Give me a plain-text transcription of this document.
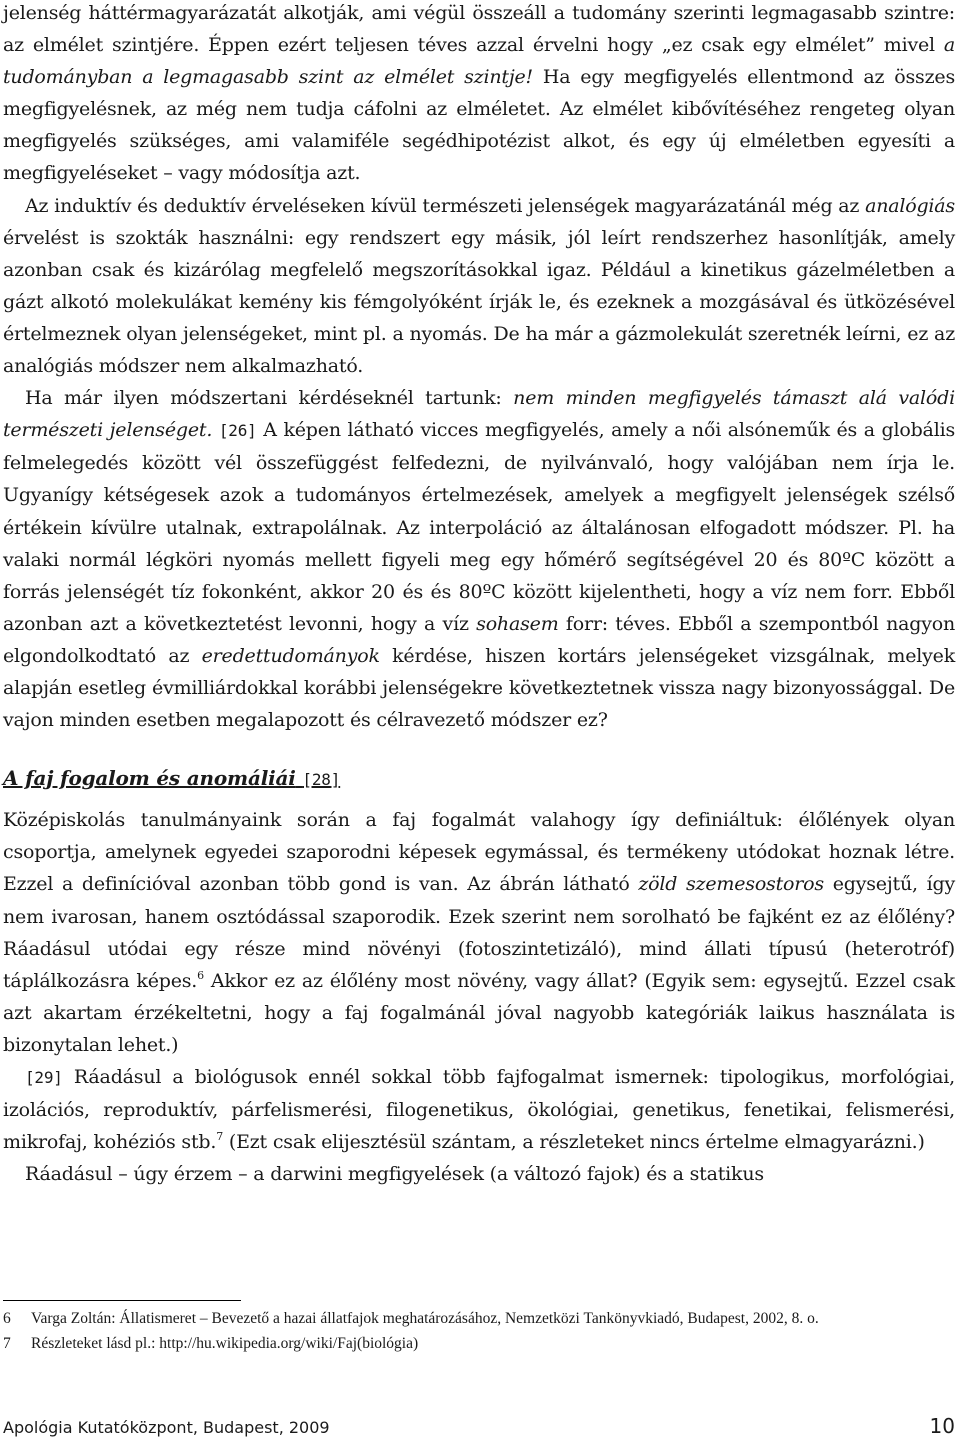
jelenség háttérmagyarázatát alkotják, ami végül összeáll a tudomány szerinti legmagasabb szintre: az elmélet szintjére. Éppen ezért teljesen téves azzal érvelni hogy „ez csak egy elmélet” mivel a tudományban a legmagasabb szint az elmélet szintje! Ha egy megfigyelés ellentmond az összes megfigyelésnek, az még nem tudja cáfolni az elméletet. Az elmélet kibővítéséhez rengeteg olyan megfigyelés szükséges, ami valamiféle segédhipotézist alkot, és egy új elméletben egyesíti a megfigyeléseket – vagy módosítja azt.

Az induktív és deduktív érveléseken kívül természeti jelenségek magyarázatánál még az analógiás érvelést is szokták használni: egy rendszert egy másik, jól leírt rendszerhez hasonlítják, amely azonban csak és kizárólag megfelelő megszorításokkal igaz. Például a kinetikus gázelméletben a gázt alkotó molekulákat kemény kis fémgolyóként írják le, és ezeknek a mozgásával és ütközésével értelmeznek olyan jelenségeket, mint pl. a nyomás. De ha már a gázmolekulát szeretnék leírni, ez az analógiás módszer nem alkalmazható.

Ha már ilyen módszertani kérdéseknél tartunk: nem minden megfigyelés támaszt alá valódi természeti jelenséget. [26] A képen látható vicces megfigyelés, amely a női alsóneműk és a globális felmelegedés között vél összefüggést felfedezni, de nyilvánvaló, hogy valójában nem írja le. Ugyanígy kétségesek azok a tudományos értelmezések, amelyek a megfigyelt jelenségek szélső értékein kívülre utalnak, extrapolálnak. Az interpoláció az általánosan elfogadott módszer. Pl. ha valaki normál légköri nyomás mellett figyeli meg egy hőmérő segítségével 20 és 80ºC között a forrás jelenségét tíz fokonként, akkor 20 és és 80ºC között kijelentheti, hogy a víz nem forr. Ebből azonban azt a következtetést levonni, hogy a víz sohasem forr: téves. Ebből a szempontból nagyon elgondolkodtató az eredettudományok kérdése, hiszen kortárs jelenségeket vizsgálnak, melyek alapján esetleg évmilliárdokkal korábbi jelenségekre következtetnek vissza nagy bizonyossággal. De vajon minden esetben megalapozott és célravezető módszer ez?

A faj fogalom és anomáliái [28]

Középiskolás tanulmányaink során a faj fogalmát valahogy így definiáltuk: élőlények olyan csoportja, amelynek egyedei szaporodni képesek egymással, és termékeny utódokat hoznak létre. Ezzel a definícióval azonban több gond is van. Az ábrán látható zöld szemesostoros egysejtű, így nem ivarosan, hanem osztódással szaporodik. Ezek szerint nem sorolható be fajként ez az élőlény? Ráadásul utódai egy része mind növényi (fotoszintetizáló), mind állati típusú (heterotróf) táplálkozásra képes.$^6$ Akkor ez az élőlény most növény, vagy állat? (Egyik sem: egysejtű. Ezzel csak azt akartam érzékeltetni, hogy a faj fogalmánál jóval nagyobb kategóriák laikus használata is bizonytalan lehet.)

[29] Ráadásul a biológusok ennél sokkal több fajfogalmat ismernek: tipologikus, morfológiai, izolációs, reproduktív, párfelismerési, filogenetikus, ökológiai, genetikus, fenetikai, felismerési, mikrofaj, kohéziós stb.$^7$ (Ezt csak elijesztésül szántam, a részleteket nincs értelme elmagyarázni.)

Ráadásul – úgy érzem – a darwini megfigyelések (a változó fajok) és a statikus

6	Varga Zoltán: Állatismeret – Bevezető a hazai állatfajok meghatározásához, Nemzetközi Tankönyvkiadó, Budapest, 2002, 8. o.
7	Részleteket lásd pl.: http://hu.wikipedia.org/wiki/Faj(biológia)
Apológia Kutatóközpont, Budapest, 2009	10
